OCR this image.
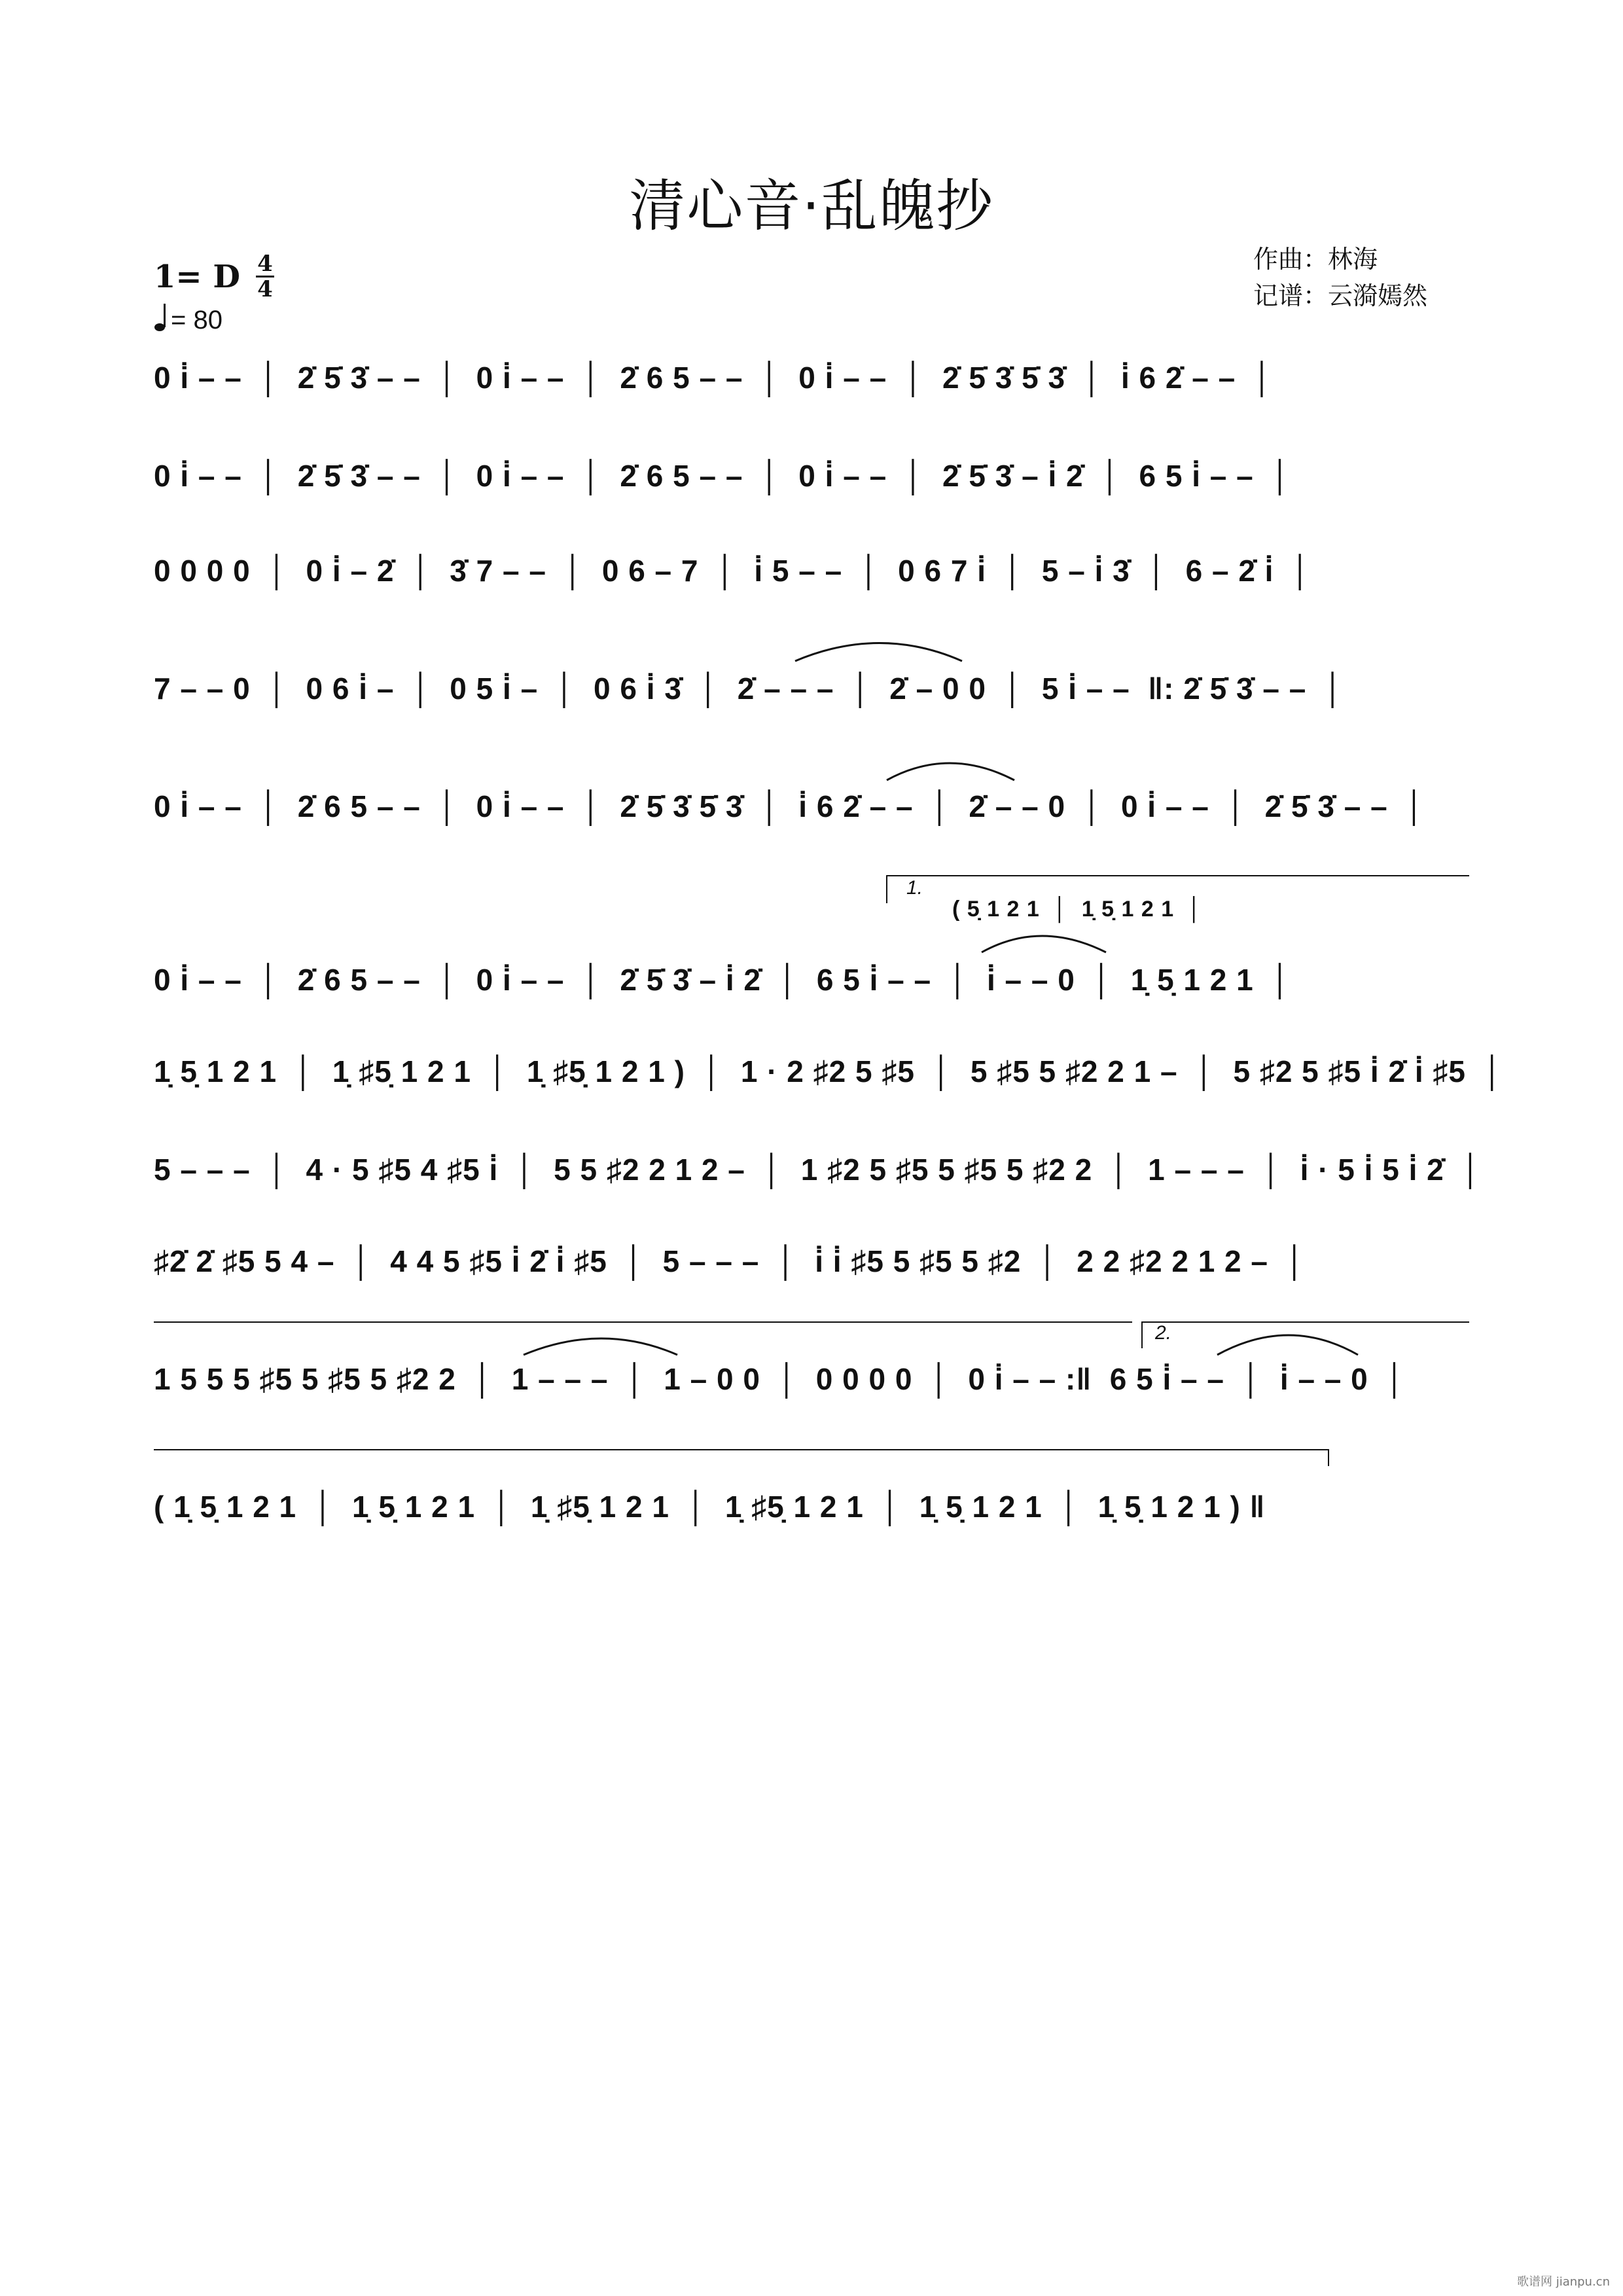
清心音·乱魄抄
1= D 4
4
= 80
作曲 ： 林海
记谱 ： 云漪嫣然
0 i̇ – –  │  2̇ 5̇ 3̇ – –  │  0 i̇ – –  │  2̇ 6 5 – –  │  0 i̇ – –  │  2̇ 5̇ 3̇ 5̇ 3̇  │  i̇ 6 2̇ – –  │
0 i̇ – –  │  2̇ 5̇ 3̇ – –  │  0 i̇ – –  │  2̇ 6 5 – –  │  0 i̇ – –  │  2̇ 5̇ 3̇ – i̇ 2̇  │  6 5 i̇ – –  │
0 0 0 0  │  0 i̇ – 2̇  │  3̇ 7 – –  │  0 6 – 7  │  i̇ 5 – –  │  0 6 7 i̇  │  5 – i̇ 3̇  │  6 – 2̇ i̇  │
7 – – 0  │  0 6 i̇ –  │  0 5 i̇ –  │  0 6 i̇ 3̇  │  2̇ – – –  │  2̇ – 0 0  │  5 i̇ – –  ‖: 2̇ 5̇ 3̇ – –  │
0 i̇ – –  │  2̇ 6 5 – –  │  0 i̇ – –  │  2̇ 5̇ 3̇ 5̇ 3̇  │  i̇ 6 2̇ – –  │  2̇ – – 0  │  0 i̇ – –  │  2̇ 5̇ 3̇ – –  │
0 i̇ – –  │  2̇ 6 5 – –  │  0 i̇ – –  │  2̇ 5̇ 3̇ – i̇ 2̇  │  6 5 i̇ – –  │  i̇ – – 0  │  1̣ 5̣ 1 2 1  │
1̣ 5̣ 1 2 1  │  1̣ ♯5̣ 1 2 1  │  1̣ ♯5̣ 1 2 1 )  │  1 · 2 ♯2 5 ♯5  │  5 ♯5 5 ♯2 2 1 –  │  5 ♯2 5 ♯5 i̇ 2̇ i̇ ♯5  │
5 – – –  │  4 · 5 ♯5 4 ♯5 i̇  │  5 5 ♯2 2 1 2 –  │  1 ♯2 5 ♯5 5 ♯5 5 ♯2 2  │  1 – – –  │  i̇ · 5 i̇ 5 i̇ 2̇  │
♯2̇ 2̇ ♯5 5 4 –  │  4 4 5 ♯5 i̇ 2̇ i̇ ♯5  │  5 – – –  │  i̇ i̇ ♯5 5 ♯5 5 ♯2  │  2 2 ♯2 2 1 2 –  │
1 5 5 5 ♯5 5 ♯5 5 ♯2 2  │  1 – – –  │  1 – 0 0  │  0 0 0 0  │  0 i̇ – – :‖  6 5 i̇ – –  │  i̇ – – 0  │
( 1̣ 5̣ 1 2 1  │  1̣ 5̣ 1 2 1  │  1̣ ♯5̣ 1 2 1  │  1̣ ♯5̣ 1 2 1  │  1̣ 5̣ 1 2 1  │  1̣ 5̣ 1 2 1 ) ‖
( 5̣ 1 2 1  │  1̣ 5̣ 1 2 1  │
1.
2.
歌谱网 jianpu.cn
